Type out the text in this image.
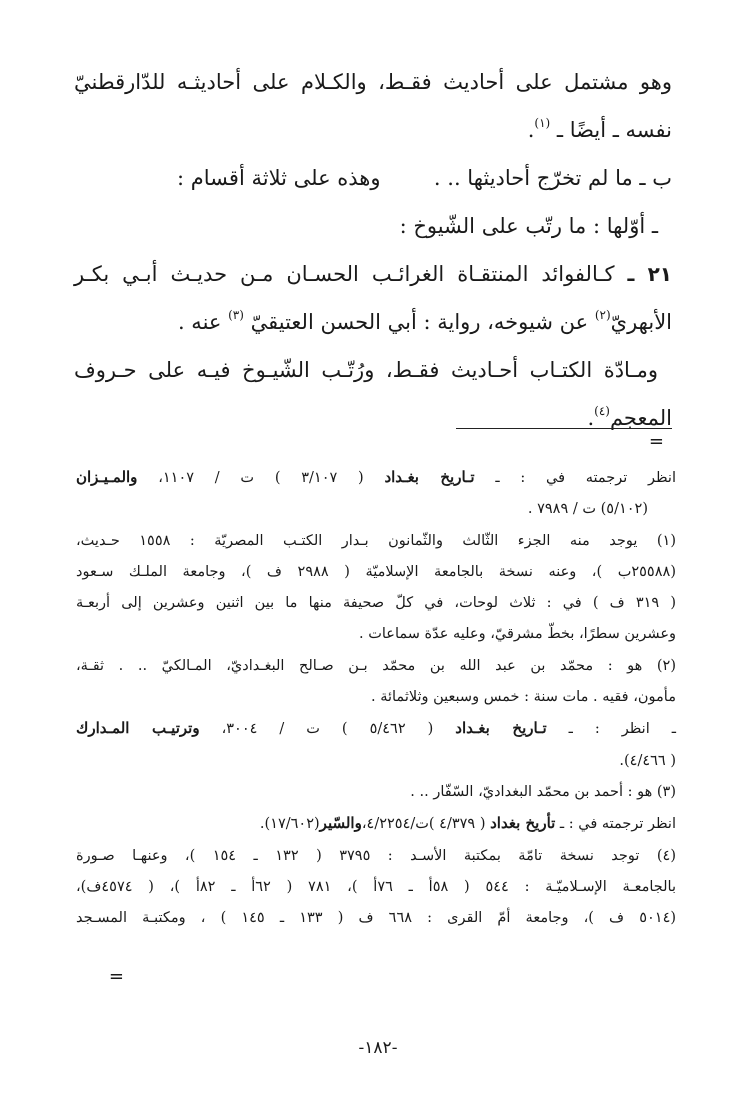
وهو مشتمل على أحاديث فقـط، والكـلام على أحاديثـه للدّارقطنيّ

نفسه ـ أيضًا ـ $^{(١)}$.

ب ـ ما لم تخرّج أحاديثها .. .        وهذه على ثلاثة أقسام :

ـ أوّلها : ما رتّب على الشّيوخ :

٢١ ـ كـالفوائد المنتقـاة الغرائـب الحسـان مـن حديـث أبـي بكـر

الأبهريّ$^{(٢)}$ عن شيوخه، رواية : أبي الحسن العتيقيّ $^{(٣)}$ عنه .

ومـادّة الكتـاب أحـاديث فقـط، ورُتّـب الشّيـوخ فيـه على حـروف

المعجم$^{(٤)}$.

=

انظر ترجمته في : ـ تـاريخ بغـداد ( ٣/١٠٧ ) ت / ١١٠٧، والمـيـزان

(٥/١٠٢) ت / ٧٩٨٩ .

(١) يوجد منه الجزء الثّالث والثّمانون بـدار الكتـب المصريّة : ١٥٥٨ حـديث،

(٢٥٥٨٨ب )، وعنه نسخة بالجامعة الإسلاميّة ( ٢٩٨٨ ف )، وجامعة الملـك سـعود

( ٣١٩ ف ) في : ثلاث لوحات، في كلّ صحيفة منها ما بين اثنين وعشرين إلى أربعـة

وعشرين سطرًا، بخطّ مشرقيّ، وعليه عدّة سماعات .

(٢) هو : محمّد بن عبد الله بن محمّد بـن صـالح البغـداديّ، المـالكيّ .. . ثقـة،

مأمون، فقيه . مات سنة : خمس وسبعين وثلاثمائة .

ـ انظر : ـ تـاريخ بغـداد ( ٥/٤٦٢ ) ت / ٣٠٠٤، وترتيـب المـدارك

( ٤/٤٦٦).

(٣) هو : أحمد بن محمّد البغداديّ، السّفّار .. .

انظر ترجمته في : ـ تأريخ بغداد ( ٤/٣٧٩ )ت/٤/٢٢٥٤،والسّير(١٧/٦٠٢).

(٤) توجد نسخة تامّة بمكتبة الأسـد : ٣٧٩٥ ( ١٣٢ ـ ١٥٤ )، وعنهـا صـورة

بالجامعـة الإسـلاميّـة : ٥٤٤ ( ٥٨أ ـ ٧٦أ )، ٧٨١ ( ٦٢أ ـ ٨٢أ )، ( ٤٥٧٤ف)،

(٥٠١٤ ف )، وجامعة أمّ القرى : ٦٦٨ ف ( ١٣٣ ـ ١٤٥ ) ، ومكتبـة المسـجد

=
-١٨٢-
